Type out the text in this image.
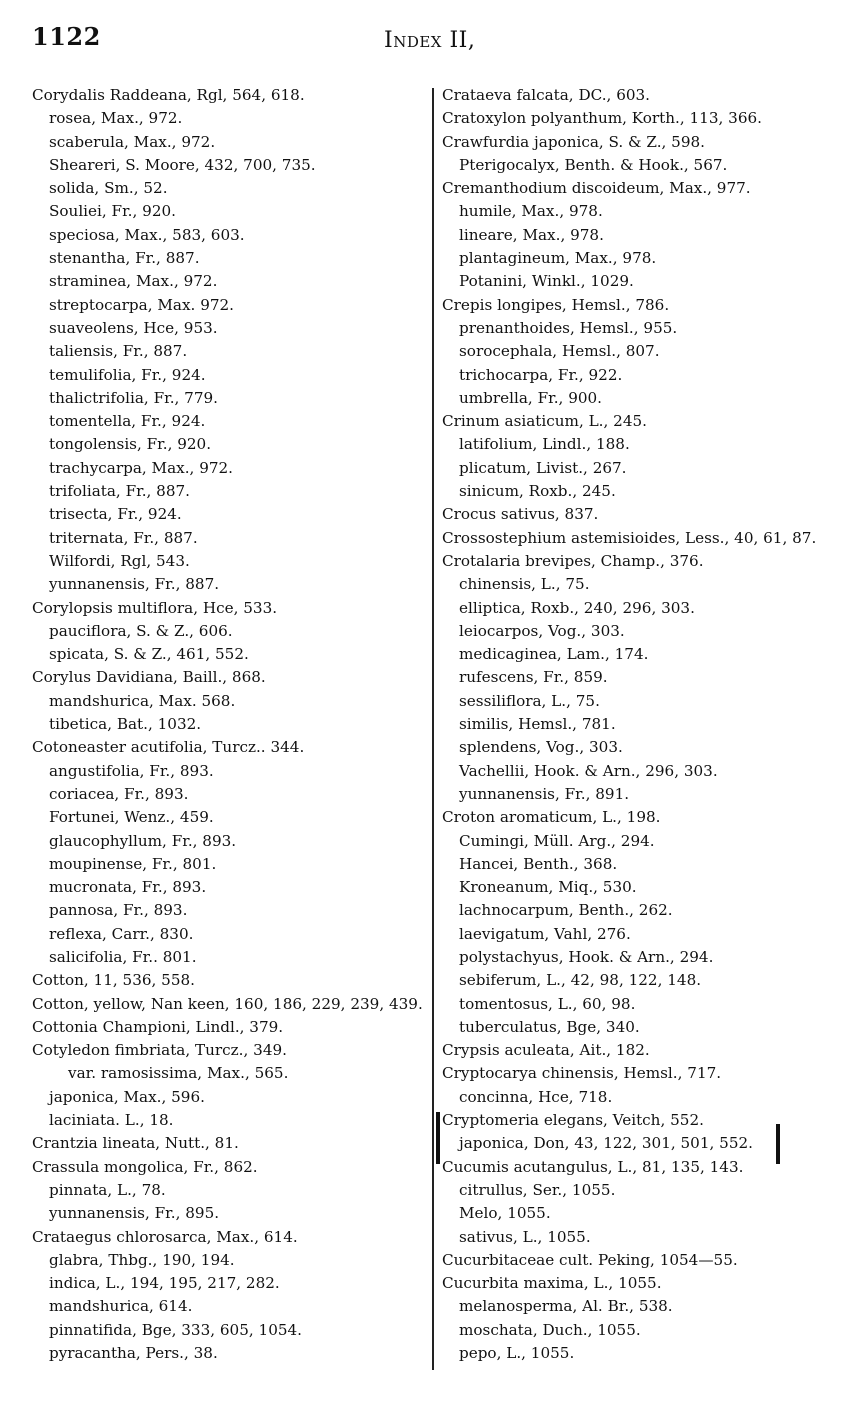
1122	Index II,
Corydalis Raddeana, Rgl, 564, 618.
rosea, Max., 972.
scaberula, Max., 972.
Sheareri, S. Moore, 432, 700, 735.
solida, Sm., 52.
Souliei, Fr., 920.
speciosa, Max., 583, 603.
stenantha, Fr., 887.
straminea, Max., 972.
streptocarpa, Max. 972.
suaveolens, Hce, 953.
taliensis, Fr., 887.
temulifolia, Fr., 924.
thalictrifolia, Fr., 779.
tomentella, Fr., 924.
tongolensis, Fr., 920.
trachycarpa, Max., 972.
trifoliata, Fr., 887.
trisecta, Fr., 924.
triternata, Fr., 887.
Wilfordi, Rgl, 543.
yunnanensis, Fr., 887.
Corylopsis multiflora, Hce, 533.
pauciflora, S. & Z., 606.
spicata, S. & Z., 461, 552.
Corylus Davidiana, Baill., 868.
mandshurica, Max. 568.
tibetica, Bat., 1032.
Cotoneaster acutifolia, Turcz.. 344.
angustifolia, Fr., 893.
coriacea, Fr., 893.
Fortunei, Wenz., 459.
glaucophyllum, Fr., 893.
moupinense, Fr., 801.
mucronata, Fr., 893.
pannosa, Fr., 893.
reflexa, Carr., 830.
salicifolia, Fr.. 801.
Cotton, 11, 536, 558.
Cotton, yellow, Nan keen, 160, 186, 229, 239, 439.
Cottonia Championi, Lindl., 379.
Cotyledon fimbriata, Turcz., 349.
var. ramosissima, Max., 565.
japonica, Max., 596.
laciniata. L., 18.
Crantzia lineata, Nutt., 81.
Crassula mongolica, Fr., 862.
pinnata, L., 78.
yunnanensis, Fr., 895.
Crataegus chlorosarca, Max., 614.
glabra, Thbg., 190, 194.
indica, L., 194, 195, 217, 282.
mandshurica, 614.
pinnatifida, Bge, 333, 605, 1054.
pyracantha, Pers., 38.
Crataeva falcata, DC., 603.
Cratoxylon polyanthum, Korth., 113, 366.
Crawfurdia japonica, S. & Z., 598.
Pterigocalyx, Benth. & Hook., 567.
Cremanthodium discoideum, Max., 977.
humile, Max., 978.
lineare, Max., 978.
plantagineum, Max., 978.
Potanini, Winkl., 1029.
Crepis longipes, Hemsl., 786.
prenanthoides, Hemsl., 955.
sorocephala, Hemsl., 807.
trichocarpa, Fr., 922.
umbrella, Fr., 900.
Crinum asiaticum, L., 245.
latifolium, Lindl., 188.
plicatum, Livist., 267.
sinicum, Roxb., 245.
Crocus sativus, 837.
Crossostephium astemisioides, Less., 40, 61, 87.
Crotalaria brevipes, Champ., 376.
chinensis, L., 75.
elliptica, Roxb., 240, 296, 303.
leiocarpos, Vog., 303.
medicaginea, Lam., 174.
rufescens, Fr., 859.
sessiliflora, L., 75.
similis, Hemsl., 781.
splendens, Vog., 303.
Vachellii, Hook. & Arn., 296, 303.
yunnanensis, Fr., 891.
Croton aromaticum, L., 198.
Cumingi, Müll. Arg., 294.
Hancei, Benth., 368.
Kroneanum, Miq., 530.
lachnocarpum, Benth., 262.
laevigatum, Vahl, 276.
polystachyus, Hook. & Arn., 294.
sebiferum, L., 42, 98, 122, 148.
tomentosus, L., 60, 98.
tuberculatus, Bge, 340.
Crypsis aculeata, Ait., 182.
Cryptocarya chinensis, Hemsl., 717.
concinna, Hce, 718.
Cryptomeria elegans, Veitch, 552.
japonica, Don, 43, 122, 301, 501, 552.
Cucumis acutangulus, L., 81, 135, 143.
citrullus, Ser., 1055.
Melo, 1055.
sativus, L., 1055.
Cucurbitaceae cult. Peking, 1054—55.
Cucurbita maxima, L., 1055.
melanosperma, Al. Br., 538.
moschata, Duch., 1055.
pepo, L., 1055.
